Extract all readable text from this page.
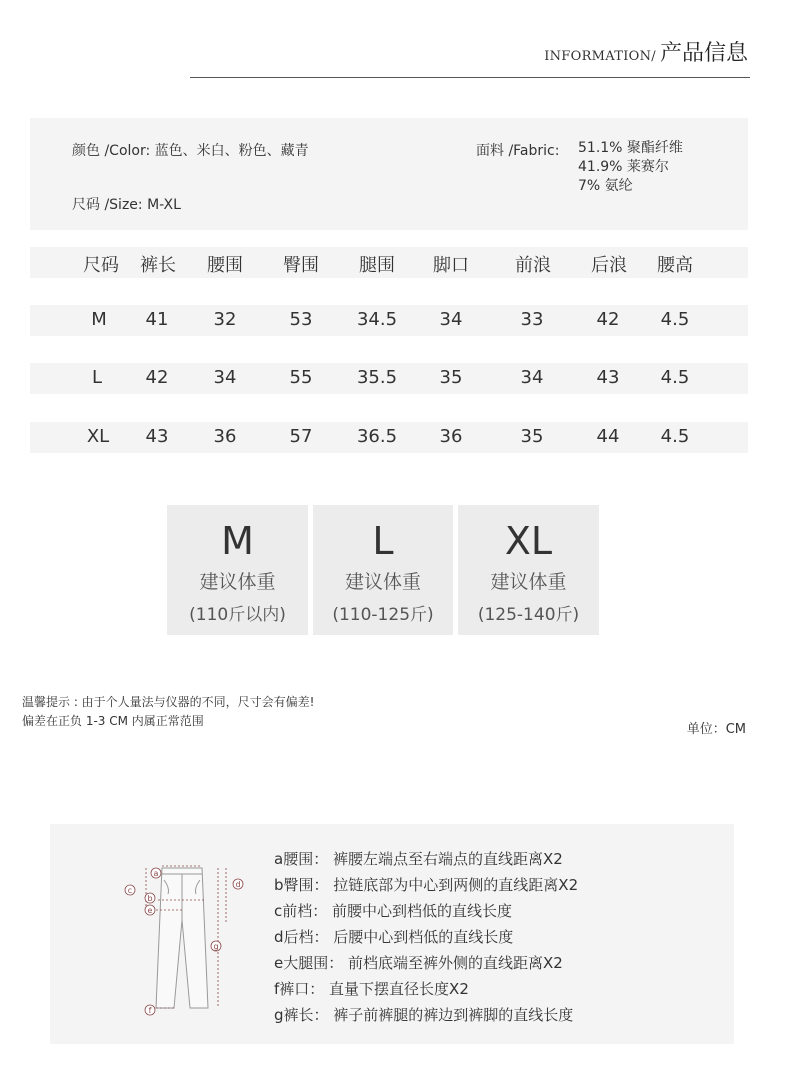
INFORMATION/ 产品信息
颜色 /Color: 蓝色、米白、粉色、藏青
尺码 /Size: M-XL
面料 /Fabric: 51.1% 聚酯纤维
41.9% 莱赛尔
7% 氨纶
尺码	裤长	腰围	臀围	腿围	脚口	前浪	后浪	腰高
M	41	32	53	34.5	34	33	42	4.5
L	42	34	55	35.5	35	34	43	4.5
XL	43	36	57	36.5	36	35	44	4.5
M
建议体重
(110斤以内)
L
建议体重
(110-125斤)
XL
建议体重
(125-140斤)
温馨提示 : 由于个人量法与仪器的不同，尺寸会有偏差!
偏差在正负 1-3 CM 内属正常范围
单位：CM
a
b
c
d
e
f
g
a腰围： 裤腰左端点至右端点的直线距离X2
b臀围： 拉链底部为中心到两侧的直线距离X2
c前档： 前腰中心到档低的直线长度
d后档： 后腰中心到档低的直线长度
e大腿围： 前档底端至裤外侧的直线距离X2
f裤口： 直量下摆直径长度X2
g裤长： 裤子前裤腿的裤边到裤脚的直线长度
